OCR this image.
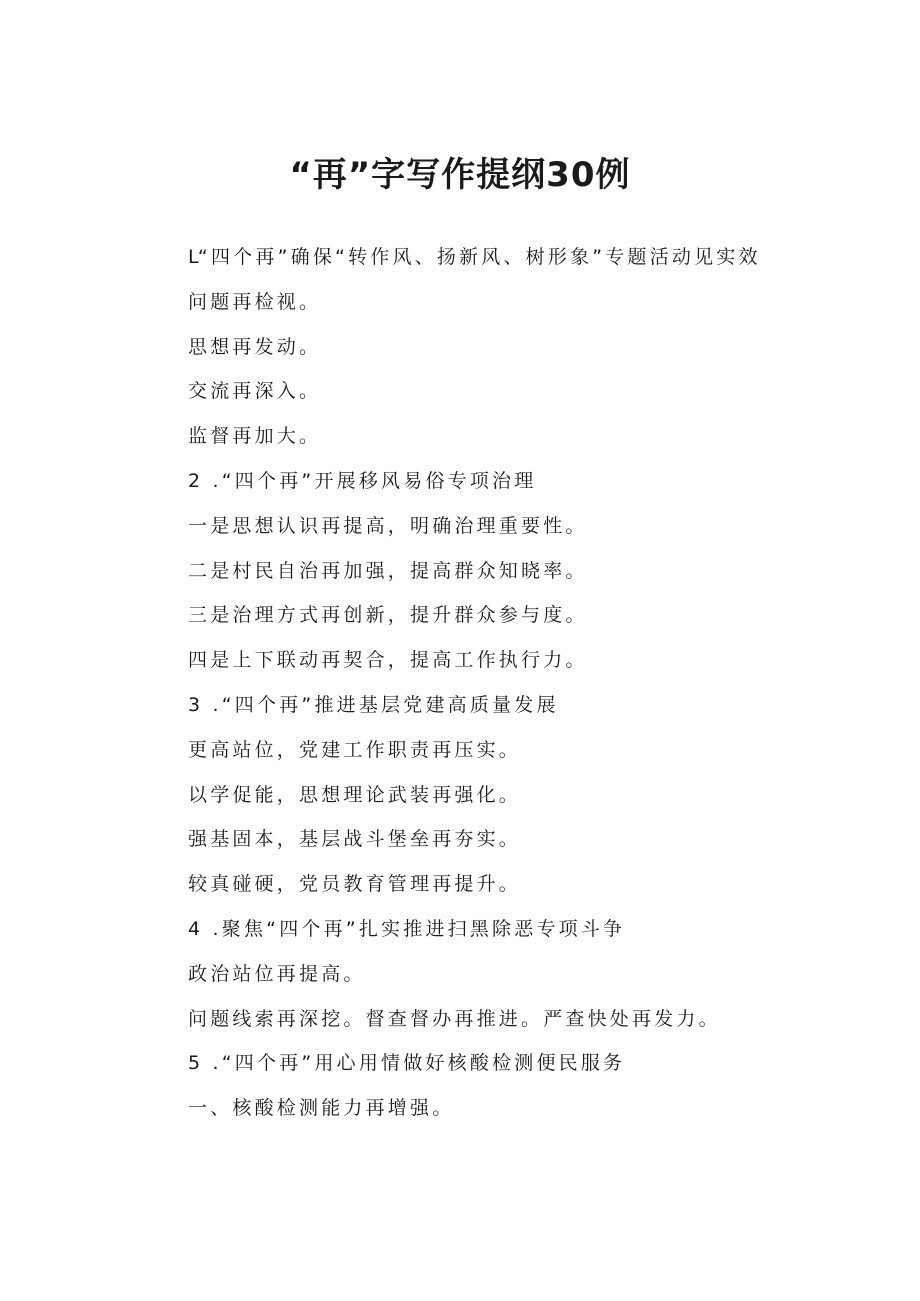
“再”字写作提纲30例
L“四个再”确保“转作风、扬新风、树形象”专题活动见实效
问题再检视。
思想再发动。
交流再深入。
监督再加大。
2 .“四个再”开展移风易俗专项治理
一是思想认识再提高，明确治理重要性。
二是村民自治再加强，提高群众知晓率。
三是治理方式再创新，提升群众参与度。
四是上下联动再契合，提高工作执行力。
3 .“四个再”推进基层党建高质量发展
更高站位，党建工作职责再压实。
以学促能，思想理论武装再强化。
强基固本，基层战斗堡垒再夯实。
较真碰硬，党员教育管理再提升。
4 .聚焦“四个再”扎实推进扫黑除恶专项斗争
政治站位再提高。
问题线索再深挖。督查督办再推进。严查快处再发力。
5 .“四个再”用心用情做好核酸检测便民服务
一、核酸检测能力再增强。
